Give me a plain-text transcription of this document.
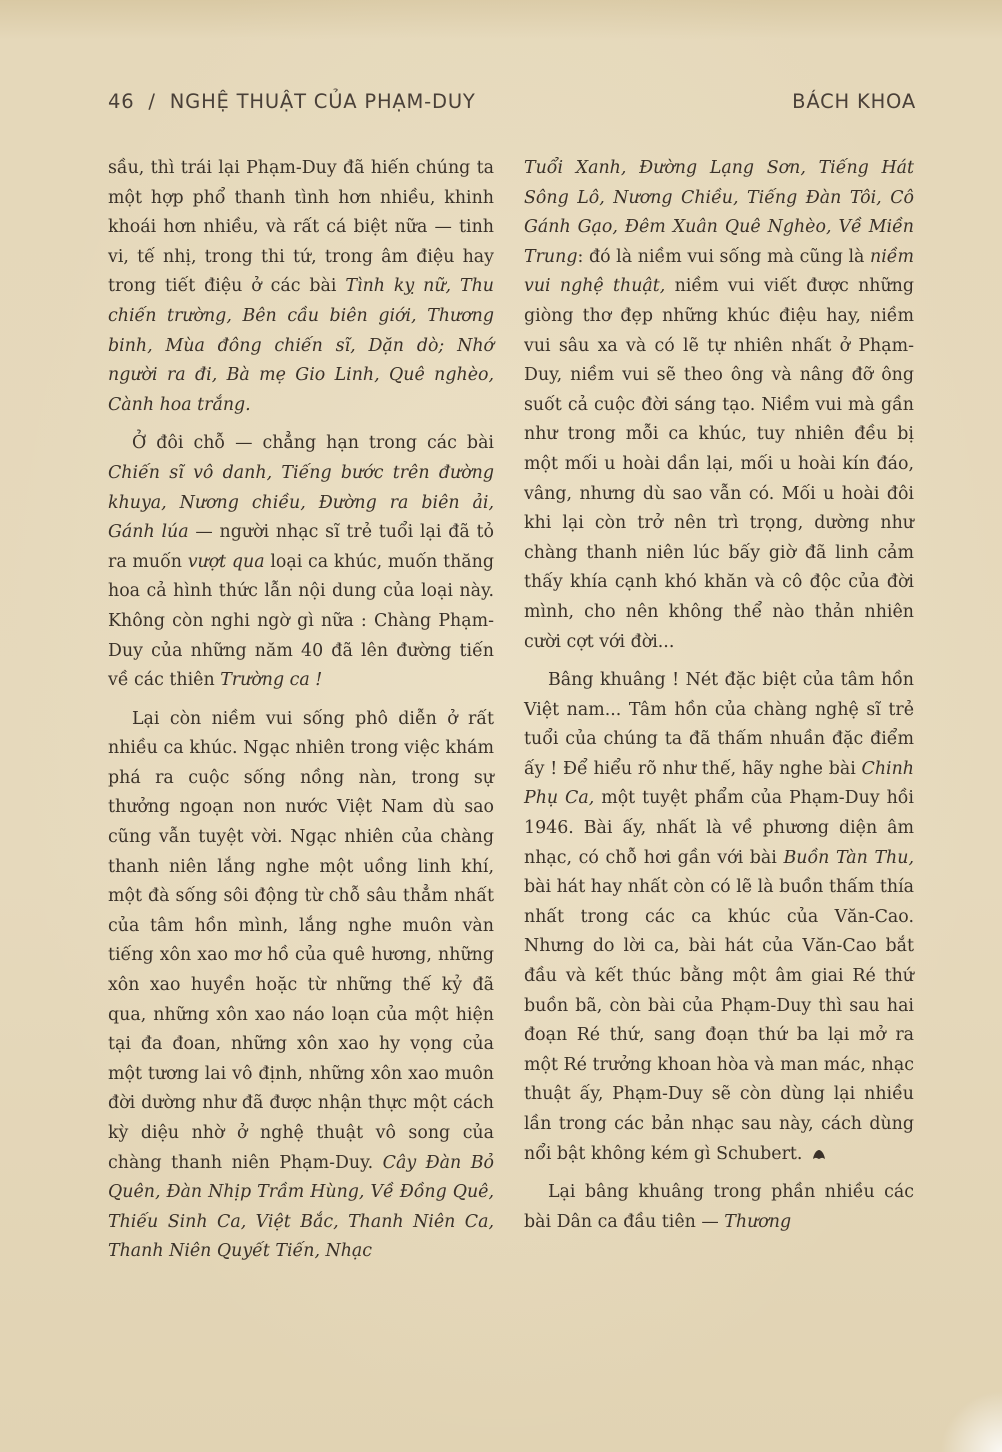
46 / NGHỆ THUẬT CỦA PHẠM-DUY	BÁCH KHOA

sầu, thì trái lại Phạm-Duy đã hiến chúng ta một hợp phổ thanh tình hơn nhiều, khinh khoái hơn nhiều, và rất cá biệt nữa — tinh vi, tế nhị, trong thi tứ, trong âm điệu hay trong tiết điệu ở các bài Tình kỵ nữ, Thu chiến trường, Bên cầu biên giới, Thương binh, Mùa đông chiến sĩ, Dặn dò; Nhớ người ra đi, Bà mẹ Gio Linh, Quê nghèo, Cành hoa trắng.

Ở đôi chỗ — chẳng hạn trong các bài Chiến sĩ vô danh, Tiếng bước trên đường khuya, Nương chiều, Đường ra biên ải, Gánh lúa — người nhạc sĩ trẻ tuổi lại đã tỏ ra muốn vượt qua loại ca khúc, muốn thăng hoa cả hình thức lẫn nội dung của loại này. Không còn nghi ngờ gì nữa : Chàng Phạm-Duy của những năm 40 đã lên đường tiến về các thiên Trường ca !

Lại còn niềm vui sống phô diễn ở rất nhiều ca khúc. Ngạc nhiên trong việc khám phá ra cuộc sống nồng nàn, trong sự thưởng ngoạn non nước Việt Nam dù sao cũng vẫn tuyệt vời. Ngạc nhiên của chàng thanh niên lắng nghe một uồng linh khí, một đà sống sôi động từ chỗ sâu thẳm nhất của tâm hồn mình, lắng nghe muôn vàn tiếng xôn xao mơ hồ của quê hương, những xôn xao huyền hoặc từ những thế kỷ đã qua, những xôn xao náo loạn của một hiện tại đa đoan, những xôn xao hy vọng của một tương lai vô định, những xôn xao muôn đời dường như đã được nhận thực một cách kỳ diệu nhờ ở nghệ thuật vô song của chàng thanh niên Phạm-Duy. Cây Đàn Bỏ Quên, Đàn Nhịp Trầm Hùng, Về Đồng Quê, Thiếu Sinh Ca, Việt Bắc, Thanh Niên Ca, Thanh Niên Quyết Tiến, Nhạc

Tuổi Xanh, Đường Lạng Sơn, Tiếng Hát Sông Lô, Nương Chiều, Tiếng Đàn Tôi, Cô Gánh Gạo, Đêm Xuân Quê Nghèo, Về Miền Trung: đó là niềm vui sống mà cũng là niềm vui nghệ thuật, niềm vui viết được những giòng thơ đẹp những khúc điệu hay, niềm vui sâu xa và có lẽ tự nhiên nhất ở Phạm-Duy, niềm vui sẽ theo ông và nâng đỡ ông suốt cả cuộc đời sáng tạo. Niềm vui mà gần như trong mỗi ca khúc, tuy nhiên đều bị một mối u hoài dần lại, mối u hoài kín đáo, vâng, nhưng dù sao vẫn có. Mối u hoài đôi khi lại còn trở nên trì trọng, dường như chàng thanh niên lúc bấy giờ đã linh cảm thấy khía cạnh khó khăn và cô độc của đời mình, cho nên không thể nào thản nhiên cười cợt với đời...

Bâng khuâng ! Nét đặc biệt của tâm hồn Việt nam... Tâm hồn của chàng nghệ sĩ trẻ tuổi của chúng ta đã thấm nhuần đặc điểm ấy ! Để hiểu rõ như thế, hãy nghe bài Chinh Phụ Ca, một tuyệt phẩm của Phạm-Duy hồi 1946. Bài ấy, nhất là về phương diện âm nhạc, có chỗ hơi gần với bài Buồn Tàn Thu, bài hát hay nhất còn có lẽ là buồn thấm thía nhất trong các ca khúc của Văn-Cao. Nhưng do lời ca, bài hát của Văn-Cao bắt đầu và kết thúc bằng một âm giai Ré thứ buồn bã, còn bài của Phạm-Duy thì sau hai đoạn Ré thứ, sang đoạn thứ ba lại mở ra một Ré trưởng khoan hòa và man mác, nhạc thuật ấy, Phạm-Duy sẽ còn dùng lại nhiều lần trong các bản nhạc sau này, cách dùng nổi bật không kém gì Schubert.

Lại bâng khuâng trong phần nhiều các bài Dân ca đầu tiên — Thương
